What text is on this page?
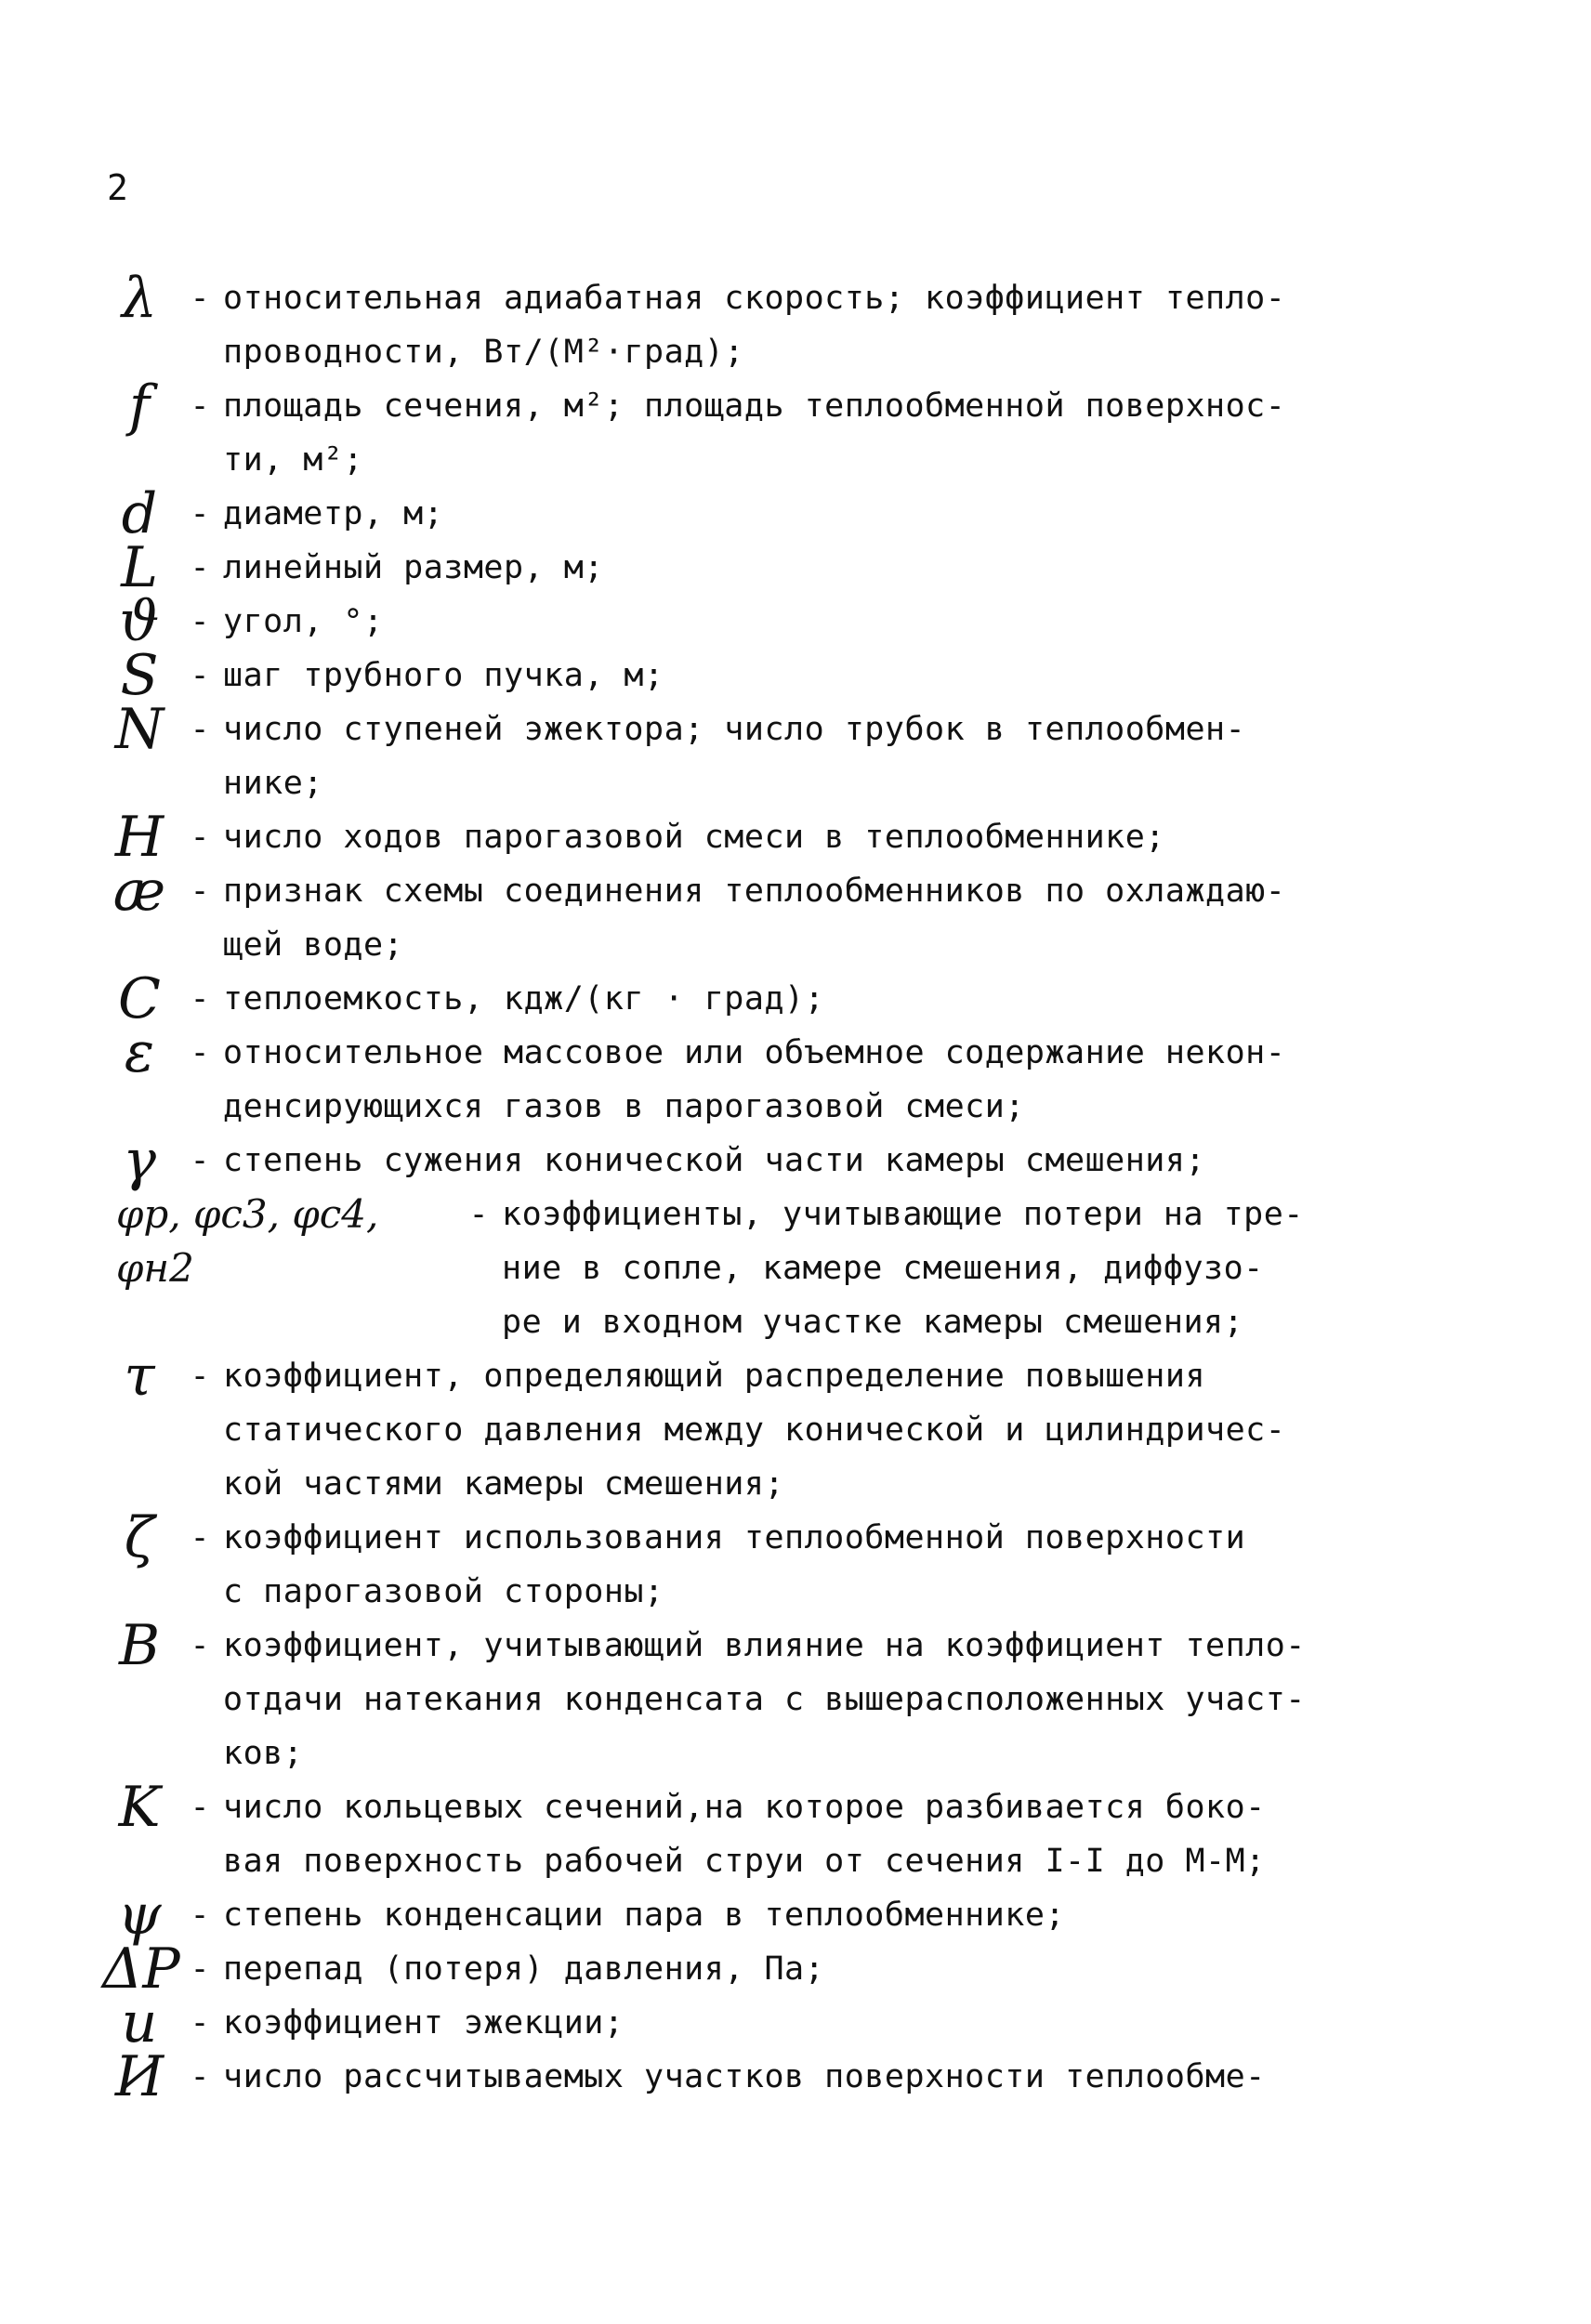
2
λ	- относительная адиабатная скорость; коэффициент тепло-
проводности, Вт/(М²·град);
f	- площадь сечения, м²; площадь теплообменной поверхнос-
ти, м²;
d	- диаметр, м;
L - линейный размер, м;
ϑ - угол, °;
S - шаг трубного пучка, м;
N - число ступеней эжектора; число трубок в теплообмен-
нике;
H - число ходов парогазовой смеси в теплообменнике;
æ - признак схемы соединения теплообменников по охлаждаю-
щей воде;
C - теплоемкость, кдж/(кг · град);
ε	- относительное массовое или объемное содержание некон-
денсирующихся газов в парогазовой смеси;
γ	- степень сужения конической части камеры смешения;
φр, φс3, φс4, φн2
- коэффициенты, учитывающие потери на тре-
ние в сопле, камере смешения, диффузо-
ре и входном участке камеры смешения;
τ	- коэффициент, определяющий распределение повышения
статического давления между конической и цилиндричес-
кой частями камеры смешения;
ζ	- коэффициент использования теплообменной поверхности
с парогазовой стороны;
B - коэффициент, учитывающий влияние на коэффициент тепло-
отдачи натекания конденсата с вышерасположенных участ-
ков;
K - число кольцевых сечений,на которое разбивается боко-
вая поверхность рабочей струи от сечения I-I до M-M;
ψ - степень конденсации пара в теплообменнике;
ΔP - перепад (потеря) давления, Па;
u	- коэффициент эжекции;
И - число рассчитываемых участков поверхности теплообме-
